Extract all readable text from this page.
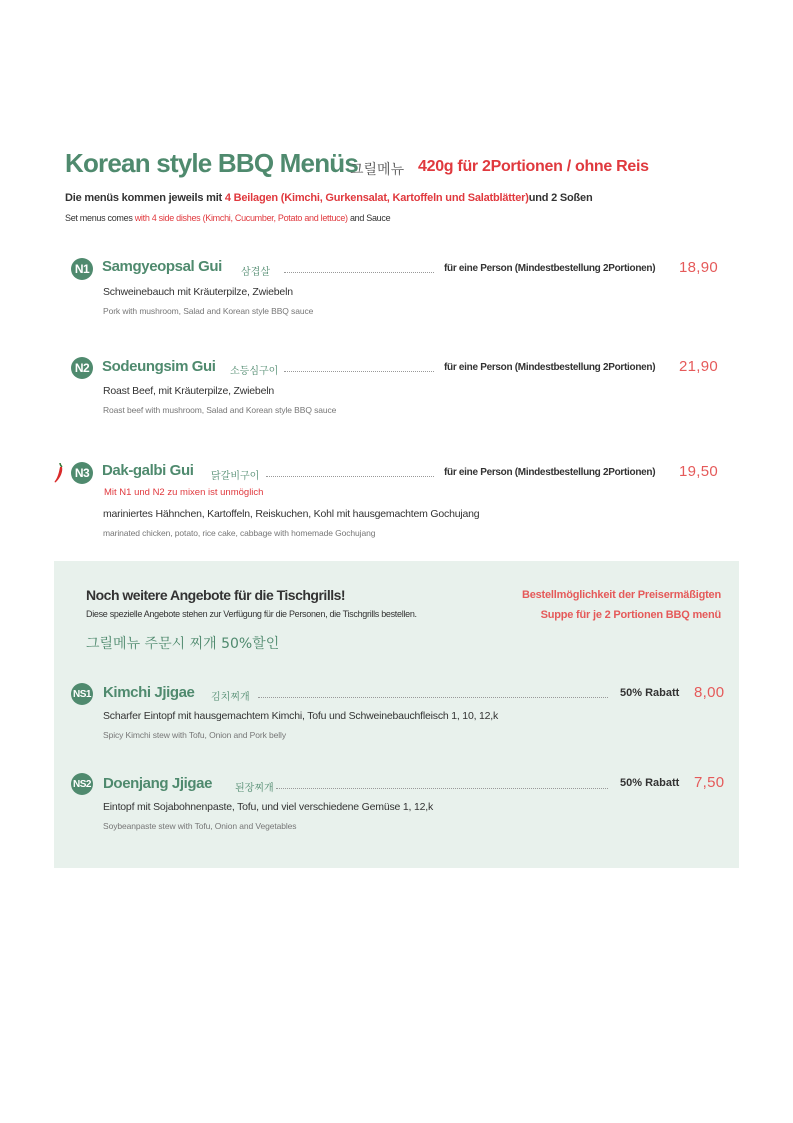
Korean style BBQ Menüs
그릴메뉴 420g für 2Portionen / ohne Reis
Die menüs kommen jeweils mit 4 Beilagen (Kimchi, Gurkensalat, Kartoffeln und Salatblätter)und 2 Soßen
Set menus comes with 4 side dishes (Kimchi, Cucumber, Potato and lettuce) and Sauce
N1 Samgyeopsal Gui 삼겹살	für eine Person (Mindestbestellung 2Portionen) 18,90
Schweinebauch mit Kräuterpilze, Zwiebeln
Pork with mushroom, Salad and Korean style BBQ sauce
N2 Sodeungsim Gui 소등심구이	für eine Person (Mindestbestellung 2Portionen) 21,90
Roast Beef, mit Kräuterpilze, Zwiebeln
Roast beef with mushroom, Salad and Korean style BBQ sauce
N3 Dak-galbi Gui 닭갈비구이	für eine Person (Mindestbestellung 2Portionen) 19,50
Mit N1 und N2 zu mixen ist unmöglich
mariniertes Hähnchen, Kartoffeln, Reiskuchen, Kohl mit hausgemachtem Gochujang
marinated chicken, potato, rice cake, cabbage with homemade Gochujang
Noch weitere Angebote für die Tischgrills!
Diese spezielle Angebote stehen zur Verfügung für die Personen, die Tischgrills bestellen.
그릴메뉴 주문시 찌개 50%할인
Bestellmöglichkeit der Preisermäßigten
Suppe für je 2 Portionen BBQ menü
NS1 Kimchi Jjigae 김치찌개	50% Rabatt 8,00
Scharfer Eintopf mit hausgemachtem Kimchi, Tofu und Schweinebauchfleisch 1, 10, 12,k
Spicy Kimchi stew with Tofu, Onion and Pork belly
NS2 Doenjang Jjigae 된장찌개	50% Rabatt 7,50
Eintopf mit Sojabohnenpaste, Tofu, und viel verschiedene Gemüse 1, 12,k
Soybeanpaste stew with Tofu, Onion and Vegetables
